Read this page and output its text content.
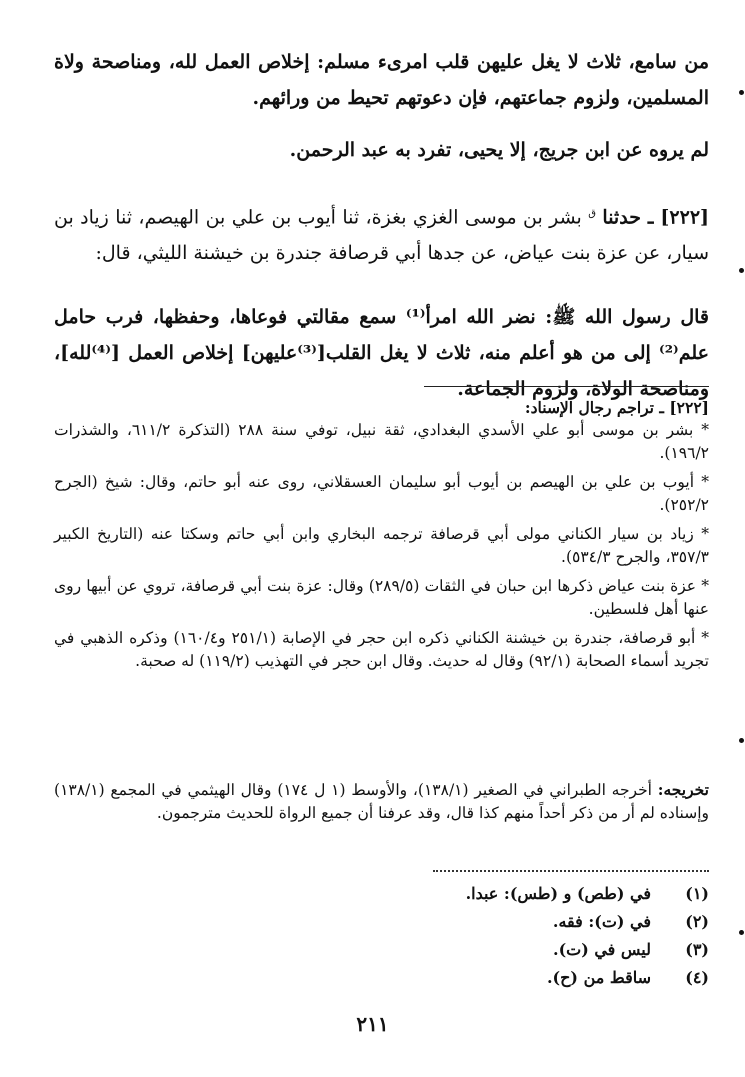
من سامع، ثلاث لا يغل عليهن قلب امرىء مسلم: إخلاص العمل لله، ومناصحة ولاة المسلمين، ولزوم جماعتهم، فإن دعوتهم تحيط من ورائهم.

لم يروه عن ابن جريج، إلا يحيى، تفرد به عبد الرحمن.

[٢٢٢] ـ حدثنا $^ق$ بشر بن موسى الغزي بغزة، ثنا أيوب بن علي بن الهيصم، ثنا زياد بن سيار، عن عزة بنت عياض، عن جدها أبي قرصافة جندرة بن خيشنة الليثي، قال:

قال رسول الله ﷺ: نضر الله امرأ⁽¹⁾ سمع مقالتي فوعاها، وحفظها، فرب حامل علم⁽²⁾ إلى من هو أعلم منه، ثلاث لا يغل القلب[⁽³⁾عليهن] إخلاص العمل [⁽⁴⁾لله]، ومناصحة الولاة، ولزوم الجماعة.

[٢٢٢] ـ تراجم رجال الإسناد:

* بشر بن موسى أبو علي الأسدي البغدادي، ثقة نبيل، توفي سنة ٢٨٨ (التذكرة ٦١١/٢، والشذرات ١٩٦/٢).

* أيوب بن علي بن الهيصم بن أيوب أبو سليمان العسقلاني، روى عنه أبو حاتم، وقال: شيخ (الجرح ٢٥٢/٢).

* زياد بن سيار الكناني مولى أبي قرصافة ترجمه البخاري وابن أبي حاتم وسكتا عنه (التاريخ الكبير ٣٥٧/٣، والجرح ٥٣٤/٣).

* عزة بنت عياض ذكرها ابن حبان في الثقات (٢٨٩/٥) وقال: عزة بنت أبي قرصافة، تروي عن أبيها روى عنها أهل فلسطين.

* أبو قرصافة، جندرة بن خيشنة الكناني ذكره ابن حجر في الإصابة (٢٥١/١ و١٦٠/٤) وذكره الذهبي في تجريد أسماء الصحابة (٩٢/١) وقال له حديث. وقال ابن حجر في التهذيب (١١٩/٢) له صحبة.

تخريجه: أخرجه الطبراني في الصغير (١٣٨/١)، والأوسط (١ ل ١٧٤) وقال الهيثمي في المجمع (١٣٨/١) وإسناده لم أر من ذكر أحداً منهم كذا قال، وقد عرفنا أن جميع الرواة للحديث مترجمون.

(١)
في (طص) و (طس): عبدا.
(٢)
في (ت): فقه.
(٣)
ليس في (ت).
(٤)
ساقط من (ح).
٢١١
